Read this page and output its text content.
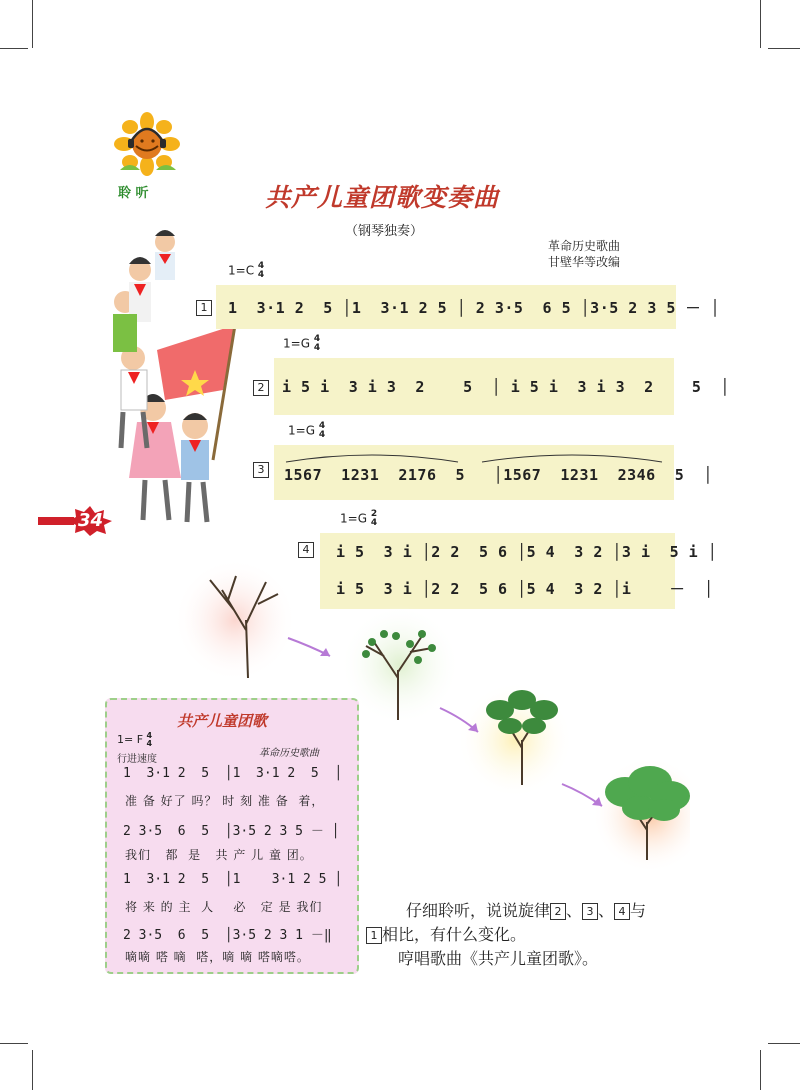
聆 听	共产儿童团歌变奏曲
（钢琴独奏）
革命历史歌曲
甘壁华等改编
34
1=C 4
4
1	1  3·1 2  5 │1  3·1 2 5 │ 2 3·5  6 5 │3·5 2 3 5 － │
1=G 4
4
2	i 5 i  3 i 3  2    5  │ i 5 i  3 i 3  2    5  │
1=G 4
4
3	1567  1231  2176  5   │1567  1231  2346  5  │
1=G 2
4
4	i 5  3 i │2 2  5 6 │5 4  3 2 │3 i  5 i │
i 5  3 i │2 2  5 6 │5 4  3 2 │i    －  │
共产儿童团歌
1= F 4
4
行进速度
革命历史歌曲
1  3·1 2  5  │1  3·1 2  5  │
准 备 好了 吗？ 时 刻 准 备  着，
2 3·5  6  5  │3·5 2 3 5 － │
我们   都  是   共 产 儿 童 团。
1  3·1 2  5  │1    3·1 2 5 │
将 来 的 主  人    必   定 是 我们
2 3·5  6  5  │3·5 2 3 1 －‖
嘀嘀 嗒 嘀  嗒，嘀 嘀 嗒嘀嗒。
仔细聆听，说说旋律 2 、 3 、 4 与
1 相比，有什么变化。
哼唱歌曲《共产儿童团歌》。
